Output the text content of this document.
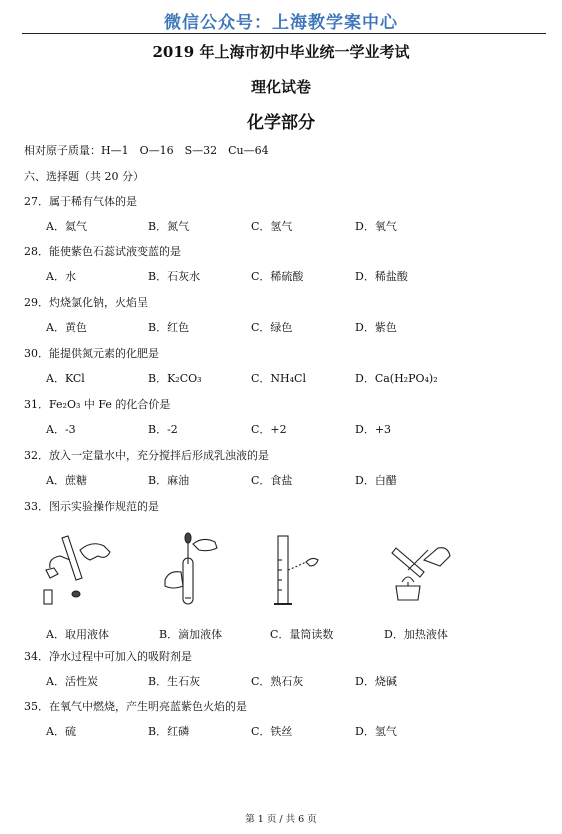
微信公众号：上海教学案中心
2019 年上海市初中毕业统一学业考试
理化试卷
化学部分
相对原子质量：H—1　O—16　S—32　Cu—64
六、选择题（共 20 分）
27．属于稀有气体的是
A．氦气	B．氮气	C．氢气	D．氧气
28．能使紫色石蕊试液变蓝的是
A．水	B．石灰水	C．稀硫酸	D．稀盐酸
29．灼烧氯化钠，火焰呈
A．黄色	B．红色	C．绿色	D．紫色
30．能提供氮元素的化肥是
A．KCl	B．K₂CO₃	C．NH₄Cl	D．Ca(H₂PO₄)₂
31．Fe₂O₃ 中 Fe 的化合价是
A．-3	B．-2	C．+2	D．+3
32．放入一定量水中，充分搅拌后形成乳浊液的是
A．蔗糖	B．麻油	C．食盐	D．白醋
33．图示实验操作规范的是
A．取用液体	B．滴加液体	C．量筒读数	D．加热液体
34．净水过程中可加入的吸附剂是
A．活性炭	B．生石灰	C．熟石灰	D．烧碱
35．在氧气中燃烧，产生明亮蓝紫色火焰的是
A．硫	B．红磷	C．铁丝	D．氢气
第 1 页 / 共 6 页
